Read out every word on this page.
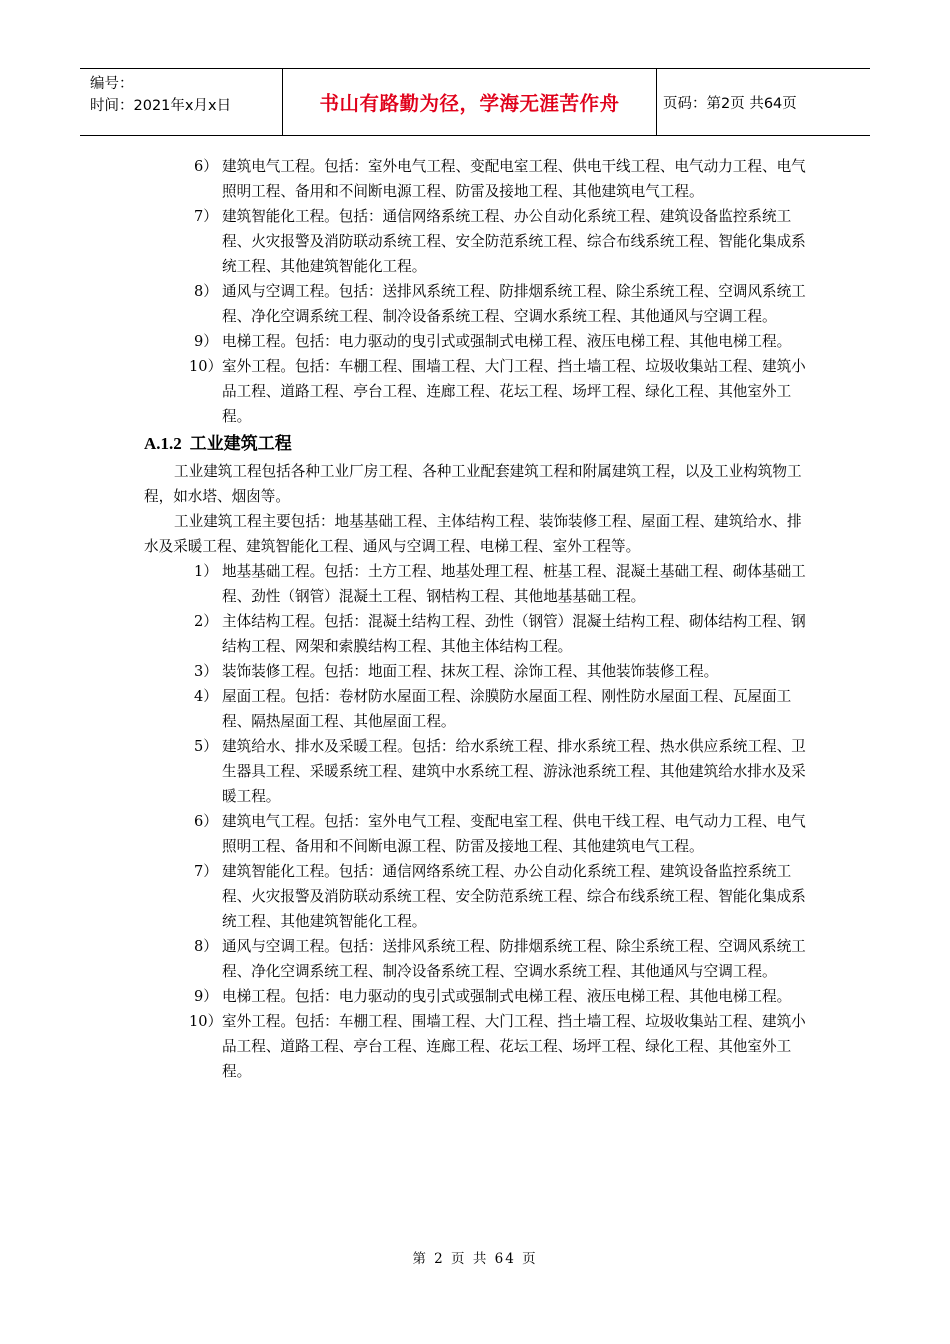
编号：
时间：2021年x月x日	书山有路勤为径，学海无涯苦作舟	页码：第2页 共64页
6） 建筑电气工程。包括：室外电气工程、变配电室工程、供电干线工程、电气动力工程、电气照明工程、备用和不间断电源工程、防雷及接地工程、其他建筑电气工程。
7） 建筑智能化工程。包括：通信网络系统工程、办公自动化系统工程、建筑设备监控系统工程、火灾报警及消防联动系统工程、安全防范系统工程、综合布线系统工程、智能化集成系统工程、其他建筑智能化工程。
8） 通风与空调工程。包括：送排风系统工程、防排烟系统工程、除尘系统工程、空调风系统工程、净化空调系统工程、制冷设备系统工程、空调水系统工程、其他通风与空调工程。
9） 电梯工程。包括：电力驱动的曳引式或强制式电梯工程、液压电梯工程、其他电梯工程。
10） 室外工程。包括：车棚工程、围墙工程、大门工程、挡土墙工程、垃圾收集站工程、建筑小品工程、道路工程、亭台工程、连廊工程、花坛工程、场坪工程、绿化工程、其他室外工程。
A.1.2 工业建筑工程
工业建筑工程包括各种工业厂房工程、各种工业配套建筑工程和附属建筑工程，以及工业构筑物工程，如水塔、烟囱等。
工业建筑工程主要包括：地基基础工程、主体结构工程、装饰装修工程、屋面工程、建筑给水、排水及采暖工程、建筑智能化工程、通风与空调工程、电梯工程、室外工程等。
1） 地基基础工程。包括：土方工程、地基处理工程、桩基工程、混凝土基础工程、砌体基础工程、劲性（钢管）混凝土工程、钢桔构工程、其他地基基础工程。
2） 主体结构工程。包括：混凝土结构工程、劲性（钢管）混凝土结构工程、砌体结构工程、钢结构工程、网架和索膜结构工程、其他主体结构工程。
3） 装饰装修工程。包括：地面工程、抹灰工程、涂饰工程、其他装饰装修工程。
4） 屋面工程。包括：卷材防水屋面工程、涂膜防水屋面工程、刚性防水屋面工程、瓦屋面工程、隔热屋面工程、其他屋面工程。
5） 建筑给水、排水及采暖工程。包括：给水系统工程、排水系统工程、热水供应系统工程、卫生器具工程、采暖系统工程、建筑中水系统工程、游泳池系统工程、其他建筑给水排水及采暖工程。
6） 建筑电气工程。包括：室外电气工程、变配电室工程、供电干线工程、电气动力工程、电气照明工程、备用和不间断电源工程、防雷及接地工程、其他建筑电气工程。
7） 建筑智能化工程。包括：通信网络系统工程、办公自动化系统工程、建筑设备监控系统工程、火灾报警及消防联动系统工程、安全防范系统工程、综合布线系统工程、智能化集成系统工程、其他建筑智能化工程。
8） 通风与空调工程。包括：送排风系统工程、防排烟系统工程、除尘系统工程、空调风系统工程、净化空调系统工程、制冷设备系统工程、空调水系统工程、其他通风与空调工程。
9） 电梯工程。包括：电力驱动的曳引式或强制式电梯工程、液压电梯工程、其他电梯工程。
10） 室外工程。包括：车棚工程、围墙工程、大门工程、挡土墙工程、垃圾收集站工程、建筑小品工程、道路工程、亭台工程、连廊工程、花坛工程、场坪工程、绿化工程、其他室外工程。
第 2 页 共 64 页
